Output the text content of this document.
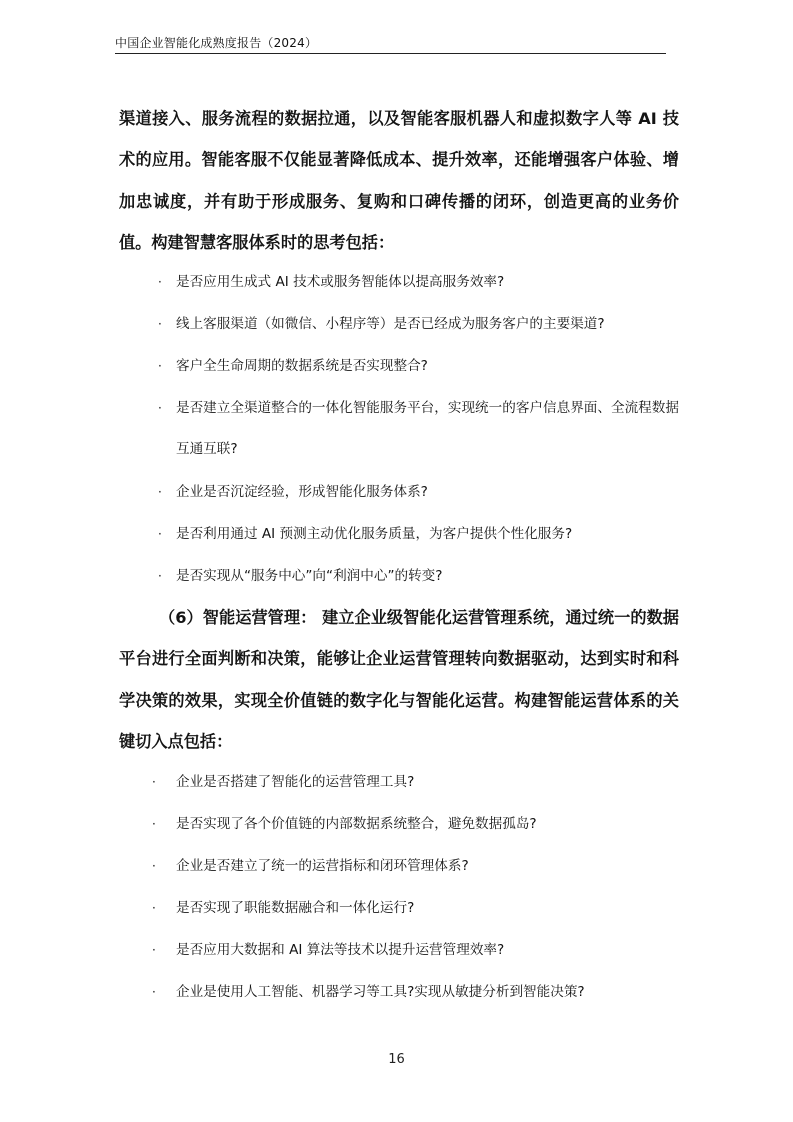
中国企业智能化成熟度报告（2024）
渠道接入、服务流程的数据拉通，以及智能客服机器人和虚拟数字人等 AI 技术的应用。智能客服不仅能显著降低成本、提升效率，还能增强客户体验、增加忠诚度，并有助于形成服务、复购和口碑传播的闭环，创造更高的业务价值。构建智慧客服体系时的思考包括：
· 是否应用生成式 AI 技术或服务智能体以提高服务效率?
· 线上客服渠道（如微信、小程序等）是否已经成为服务客户的主要渠道?
· 客户全生命周期的数据系统是否实现整合?
· 是否建立全渠道整合的一体化智能服务平台，实现统一的客户信息界面、全流程数据互通互联?
· 企业是否沉淀经验，形成智能化服务体系?
· 是否利用通过 AI 预测主动优化服务质量，为客户提供个性化服务?
· 是否实现从“服务中心”向“利润中心”的转变?
（6）智能运营管理： 建立企业级智能化运营管理系统，通过统一的数据平台进行全面判断和决策，能够让企业运营管理转向数据驱动，达到实时和科学决策的效果，实现全价值链的数字化与智能化运营。构建智能运营体系的关键切入点包括：
· 企业是否搭建了智能化的运营管理工具?
· 是否实现了各个价值链的内部数据系统整合，避免数据孤岛?
· 企业是否建立了统一的运营指标和闭环管理体系?
· 是否实现了职能数据融合和一体化运行?
· 是否应用大数据和 AI 算法等技术以提升运营管理效率?
· 企业是使用人工智能、机器学习等工具?实现从敏捷分析到智能决策?
16
